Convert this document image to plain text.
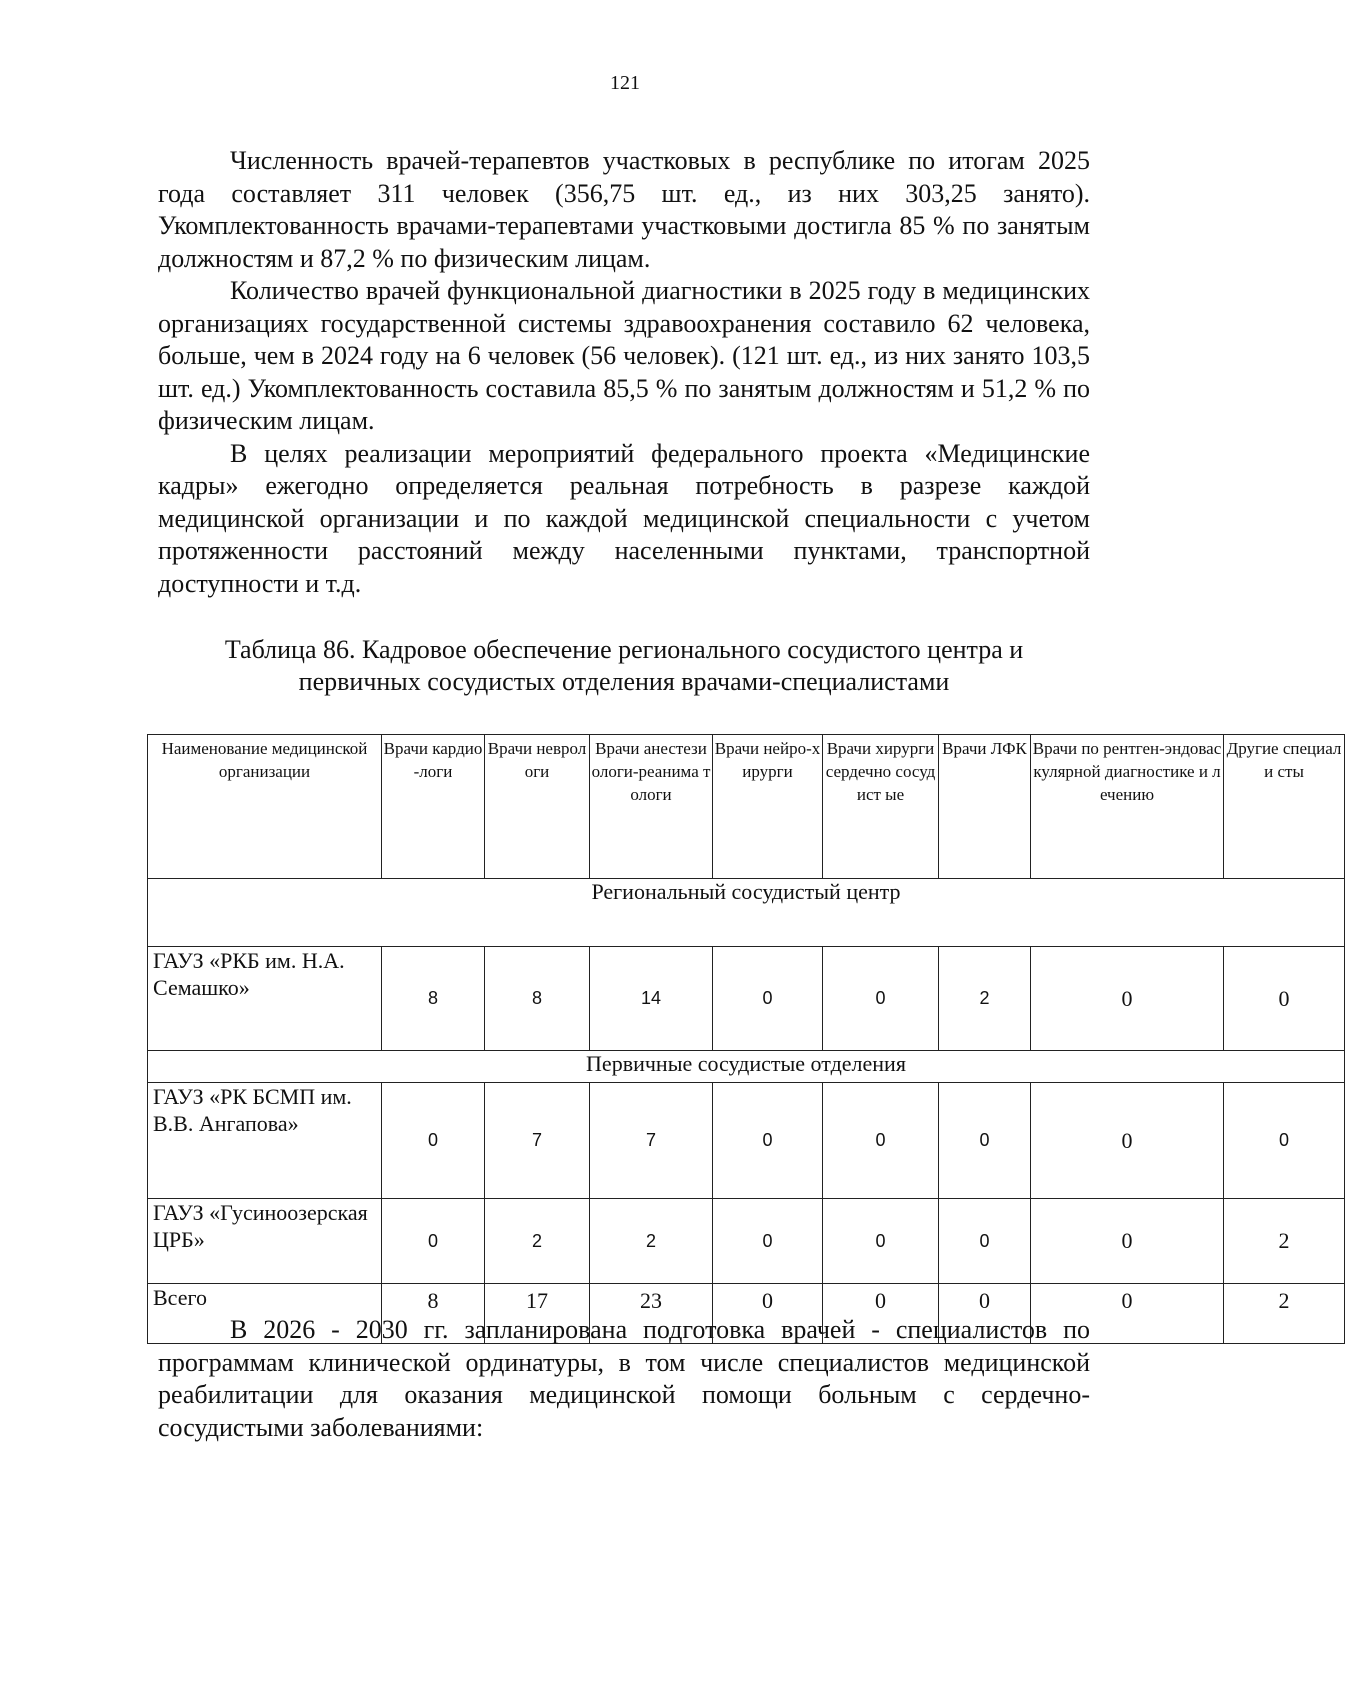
121

Численность врачей-терапевтов участковых в республике по итогам 2025 года составляет 311 человек (356,75 шт. ед., из них 303,25 занято). Укомплектованность врачами-терапевтами участковыми достигла 85 % по занятым должностям и 87,2 % по физическим лицам.

Количество врачей функциональной диагностики в 2025 году в медицинских организациях государственной системы здравоохранения составило 62 человека, больше, чем в 2024 году на 6 человек (56 человек). (121 шт. ед., из них занято 103,5 шт. ед.) Укомплектованность составила 85,5 % по занятым должностям и 51,2 % по физическим лицам.

В целях реализации мероприятий федерального проекта «Медицинские кадры» ежегодно определяется реальная потребность в разрезе каждой медицинской организации и по каждой медицинской специальности с учетом протяженности расстояний между населенными пунктами, транспортной доступности и т.д.

Таблица 86. Кадровое обеспечение регионального сосудистого центра и
первичных сосудистых отделения врачами-специалистами
Наименование медицинской организации	Врачи кардио-логи	Врачи неврологи	Врачи анестези ологи-реанима тологи	Врачи нейро-хирурги	Врачи хирурги сердечно сосудист ые	Врачи ЛФК	Врачи по рентген-эндоваскулярной диагностике и лечению	Другие специали сты
Региональный сосудистый центр								
ГАУЗ «РКБ им. Н.А. Семашко»	8	8	14	0	0	2	0	0
Первичные сосудистые отделения								
ГАУЗ «РК БСМП им. В.В. Ангапова»	0	7	7	0	0	0	0	0
ГАУЗ «Гусиноозерская ЦРБ»	0	2	2	0	0	0	0	2
Всего	8	17	23	0	0	0	0	2

В 2026 - 2030 гг. запланирована подготовка врачей - специалистов по программам клинической ординатуры, в том числе специалистов медицинской реабилитации для оказания медицинской помощи больным с сердечно-сосудистыми заболеваниями:
